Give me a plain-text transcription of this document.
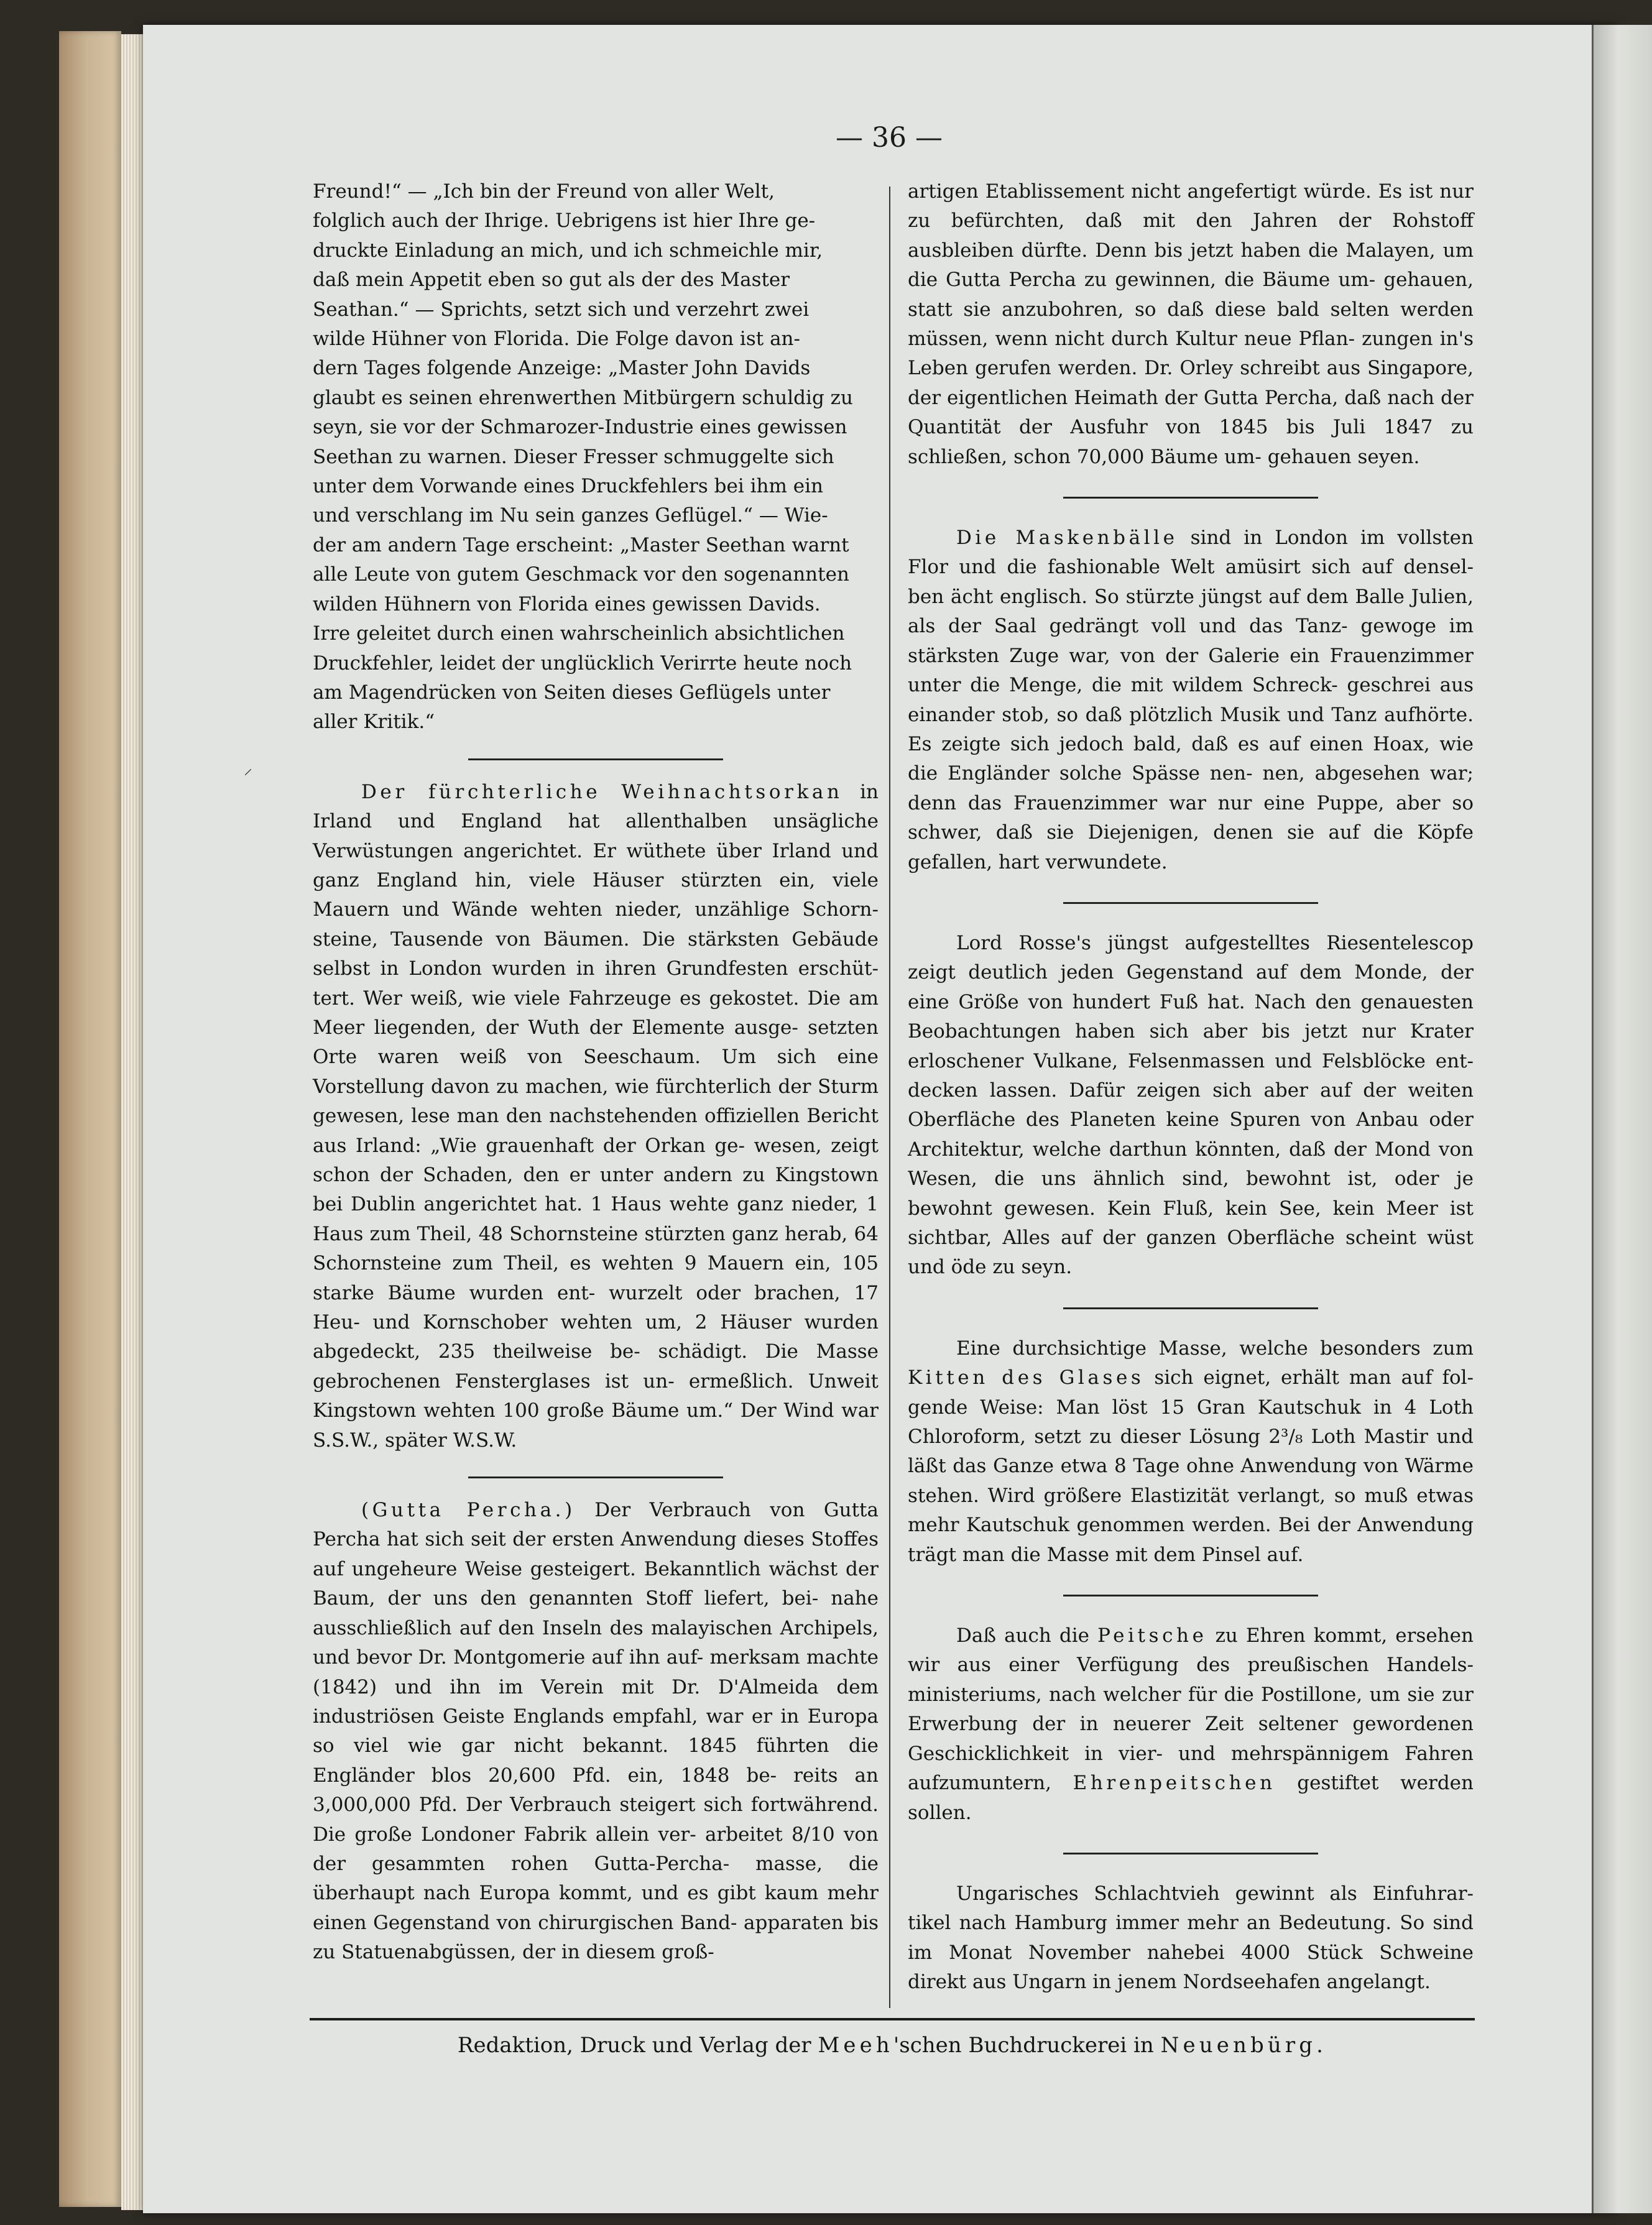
— 36 —
⸝

Freund!“ — „Ich bin der Freund von aller Welt,
folglich auch der Ihrige. Uebrigens ist hier Ihre ge-
druckte Einladung an mich, und ich schmeichle mir,
daß mein Appetit eben so gut als der des Master
Seathan.“ — Sprichts, setzt sich und verzehrt zwei
wilde Hühner von Florida. Die Folge davon ist an-
dern Tages folgende Anzeige: „Master John Davids
glaubt es seinen ehrenwerthen Mitbürgern schuldig zu
seyn, sie vor der Schmarozer-Industrie eines gewissen
Seethan zu warnen. Dieser Fresser schmuggelte sich
unter dem Vorwande eines Druckfehlers bei ihm ein
und verschlang im Nu sein ganzes Geflügel.“ — Wie-
der am andern Tage erscheint: „Master Seethan warnt
alle Leute von gutem Geschmack vor den sogenannten
wilden Hühnern von Florida eines gewissen Davids.
Irre geleitet durch einen wahrscheinlich absichtlichen
Druckfehler, leidet der unglücklich Verirrte heute noch
am Magendrücken von Seiten dieses Geflügels unter
aller Kritik.“

Der fürchterliche Weihnachtsorkan in Irland und England hat allenthalben unsägliche Verwüstungen angerichtet. Er wüthete über Irland und ganz England hin, viele Häuser stürzten ein, viele Mauern und Wände wehten nieder, unzählige Schorn- steine, Tausende von Bäumen. Die stärksten Gebäude selbst in London wurden in ihren Grundfesten erschüt- tert. Wer weiß, wie viele Fahrzeuge es gekostet. Die am Meer liegenden, der Wuth der Elemente ausge- setzten Orte waren weiß von Seeschaum. Um sich eine Vorstellung davon zu machen, wie fürchterlich der Sturm gewesen, lese man den nachstehenden offiziellen Bericht aus Irland: „Wie grauenhaft der Orkan ge- wesen, zeigt schon der Schaden, den er unter andern zu Kingstown bei Dublin angerichtet hat. 1 Haus wehte ganz nieder, 1 Haus zum Theil, 48 Schornsteine stürzten ganz herab, 64 Schornsteine zum Theil, es wehten 9 Mauern ein, 105 starke Bäume wurden ent- wurzelt oder brachen, 17 Heu- und Kornschober wehten um, 2 Häuser wurden abgedeckt, 235 theilweise be- schädigt. Die Masse gebrochenen Fensterglases ist un- ermeßlich. Unweit Kingstown wehten 100 große Bäume um.“ Der Wind war S.S.W., später W.S.W.

(Gutta Percha.) Der Verbrauch von Gutta Percha hat sich seit der ersten Anwendung dieses Stoffes auf ungeheure Weise gesteigert. Bekanntlich wächst der Baum, der uns den genannten Stoff liefert, bei- nahe ausschließlich auf den Inseln des malayischen Archipels, und bevor Dr. Montgomerie auf ihn auf- merksam machte (1842) und ihn im Verein mit Dr. D'Almeida dem industriösen Geiste Englands empfahl, war er in Europa so viel wie gar nicht bekannt. 1845 führten die Engländer blos 20,600 Pfd. ein, 1848 be- reits an 3,000,000 Pfd. Der Verbrauch steigert sich fortwährend. Die große Londoner Fabrik allein ver- arbeitet 8/10 von der gesammten rohen Gutta-Percha- masse, die überhaupt nach Europa kommt, und es gibt kaum mehr einen Gegenstand von chirurgischen Band- apparaten bis zu Statuenabgüssen, der in diesem groß-

artigen Etablissement nicht angefertigt würde. Es ist nur zu befürchten, daß mit den Jahren der Rohstoff ausbleiben dürfte. Denn bis jetzt haben die Malayen, um die Gutta Percha zu gewinnen, die Bäume um- gehauen, statt sie anzubohren, so daß diese bald selten werden müssen, wenn nicht durch Kultur neue Pflan- zungen in's Leben gerufen werden. Dr. Orley schreibt aus Singapore, der eigentlichen Heimath der Gutta Percha, daß nach der Quantität der Ausfuhr von 1845 bis Juli 1847 zu schließen, schon 70,000 Bäume um- gehauen seyen.

Die Maskenbälle sind in London im vollsten Flor und die fashionable Welt amüsirt sich auf densel- ben ächt englisch. So stürzte jüngst auf dem Balle Julien, als der Saal gedrängt voll und das Tanz- gewoge im stärksten Zuge war, von der Galerie ein Frauenzimmer unter die Menge, die mit wildem Schreck- geschrei aus einander stob, so daß plötzlich Musik und Tanz aufhörte. Es zeigte sich jedoch bald, daß es auf einen Hoax, wie die Engländer solche Spässe nen- nen, abgesehen war; denn das Frauenzimmer war nur eine Puppe, aber so schwer, daß sie Diejenigen, denen sie auf die Köpfe gefallen, hart verwundete.

Lord Rosse's jüngst aufgestelltes Riesentelescop zeigt deutlich jeden Gegenstand auf dem Monde, der eine Größe von hundert Fuß hat. Nach den genauesten Beobachtungen haben sich aber bis jetzt nur Krater erloschener Vulkane, Felsenmassen und Felsblöcke ent- decken lassen. Dafür zeigen sich aber auf der weiten Oberfläche des Planeten keine Spuren von Anbau oder Architektur, welche darthun könnten, daß der Mond von Wesen, die uns ähnlich sind, bewohnt ist, oder je bewohnt gewesen. Kein Fluß, kein See, kein Meer ist sichtbar, Alles auf der ganzen Oberfläche scheint wüst und öde zu seyn.

Eine durchsichtige Masse, welche besonders zum Kitten des Glases sich eignet, erhält man auf fol- gende Weise: Man löst 15 Gran Kautschuk in 4 Loth Chloroform, setzt zu dieser Lösung 2³/₈ Loth Mastir und läßt das Ganze etwa 8 Tage ohne Anwendung von Wärme stehen. Wird größere Elastizität verlangt, so muß etwas mehr Kautschuk genommen werden. Bei der Anwendung trägt man die Masse mit dem Pinsel auf.

Daß auch die Peitsche zu Ehren kommt, ersehen wir aus einer Verfügung des preußischen Handels- ministeriums, nach welcher für die Postillone, um sie zur Erwerbung der in neuerer Zeit seltener gewordenen Geschicklichkeit in vier- und mehrspännigem Fahren aufzumuntern, Ehrenpeitschen gestiftet werden sollen.

Ungarisches Schlachtvieh gewinnt als Einfuhrar- tikel nach Hamburg immer mehr an Bedeutung. So sind im Monat November nahebei 4000 Stück Schweine direkt aus Ungarn in jenem Nordseehafen angelangt.

Redaktion, Druck und Verlag der Meeh'schen Buchdruckerei in Neuenbürg.
